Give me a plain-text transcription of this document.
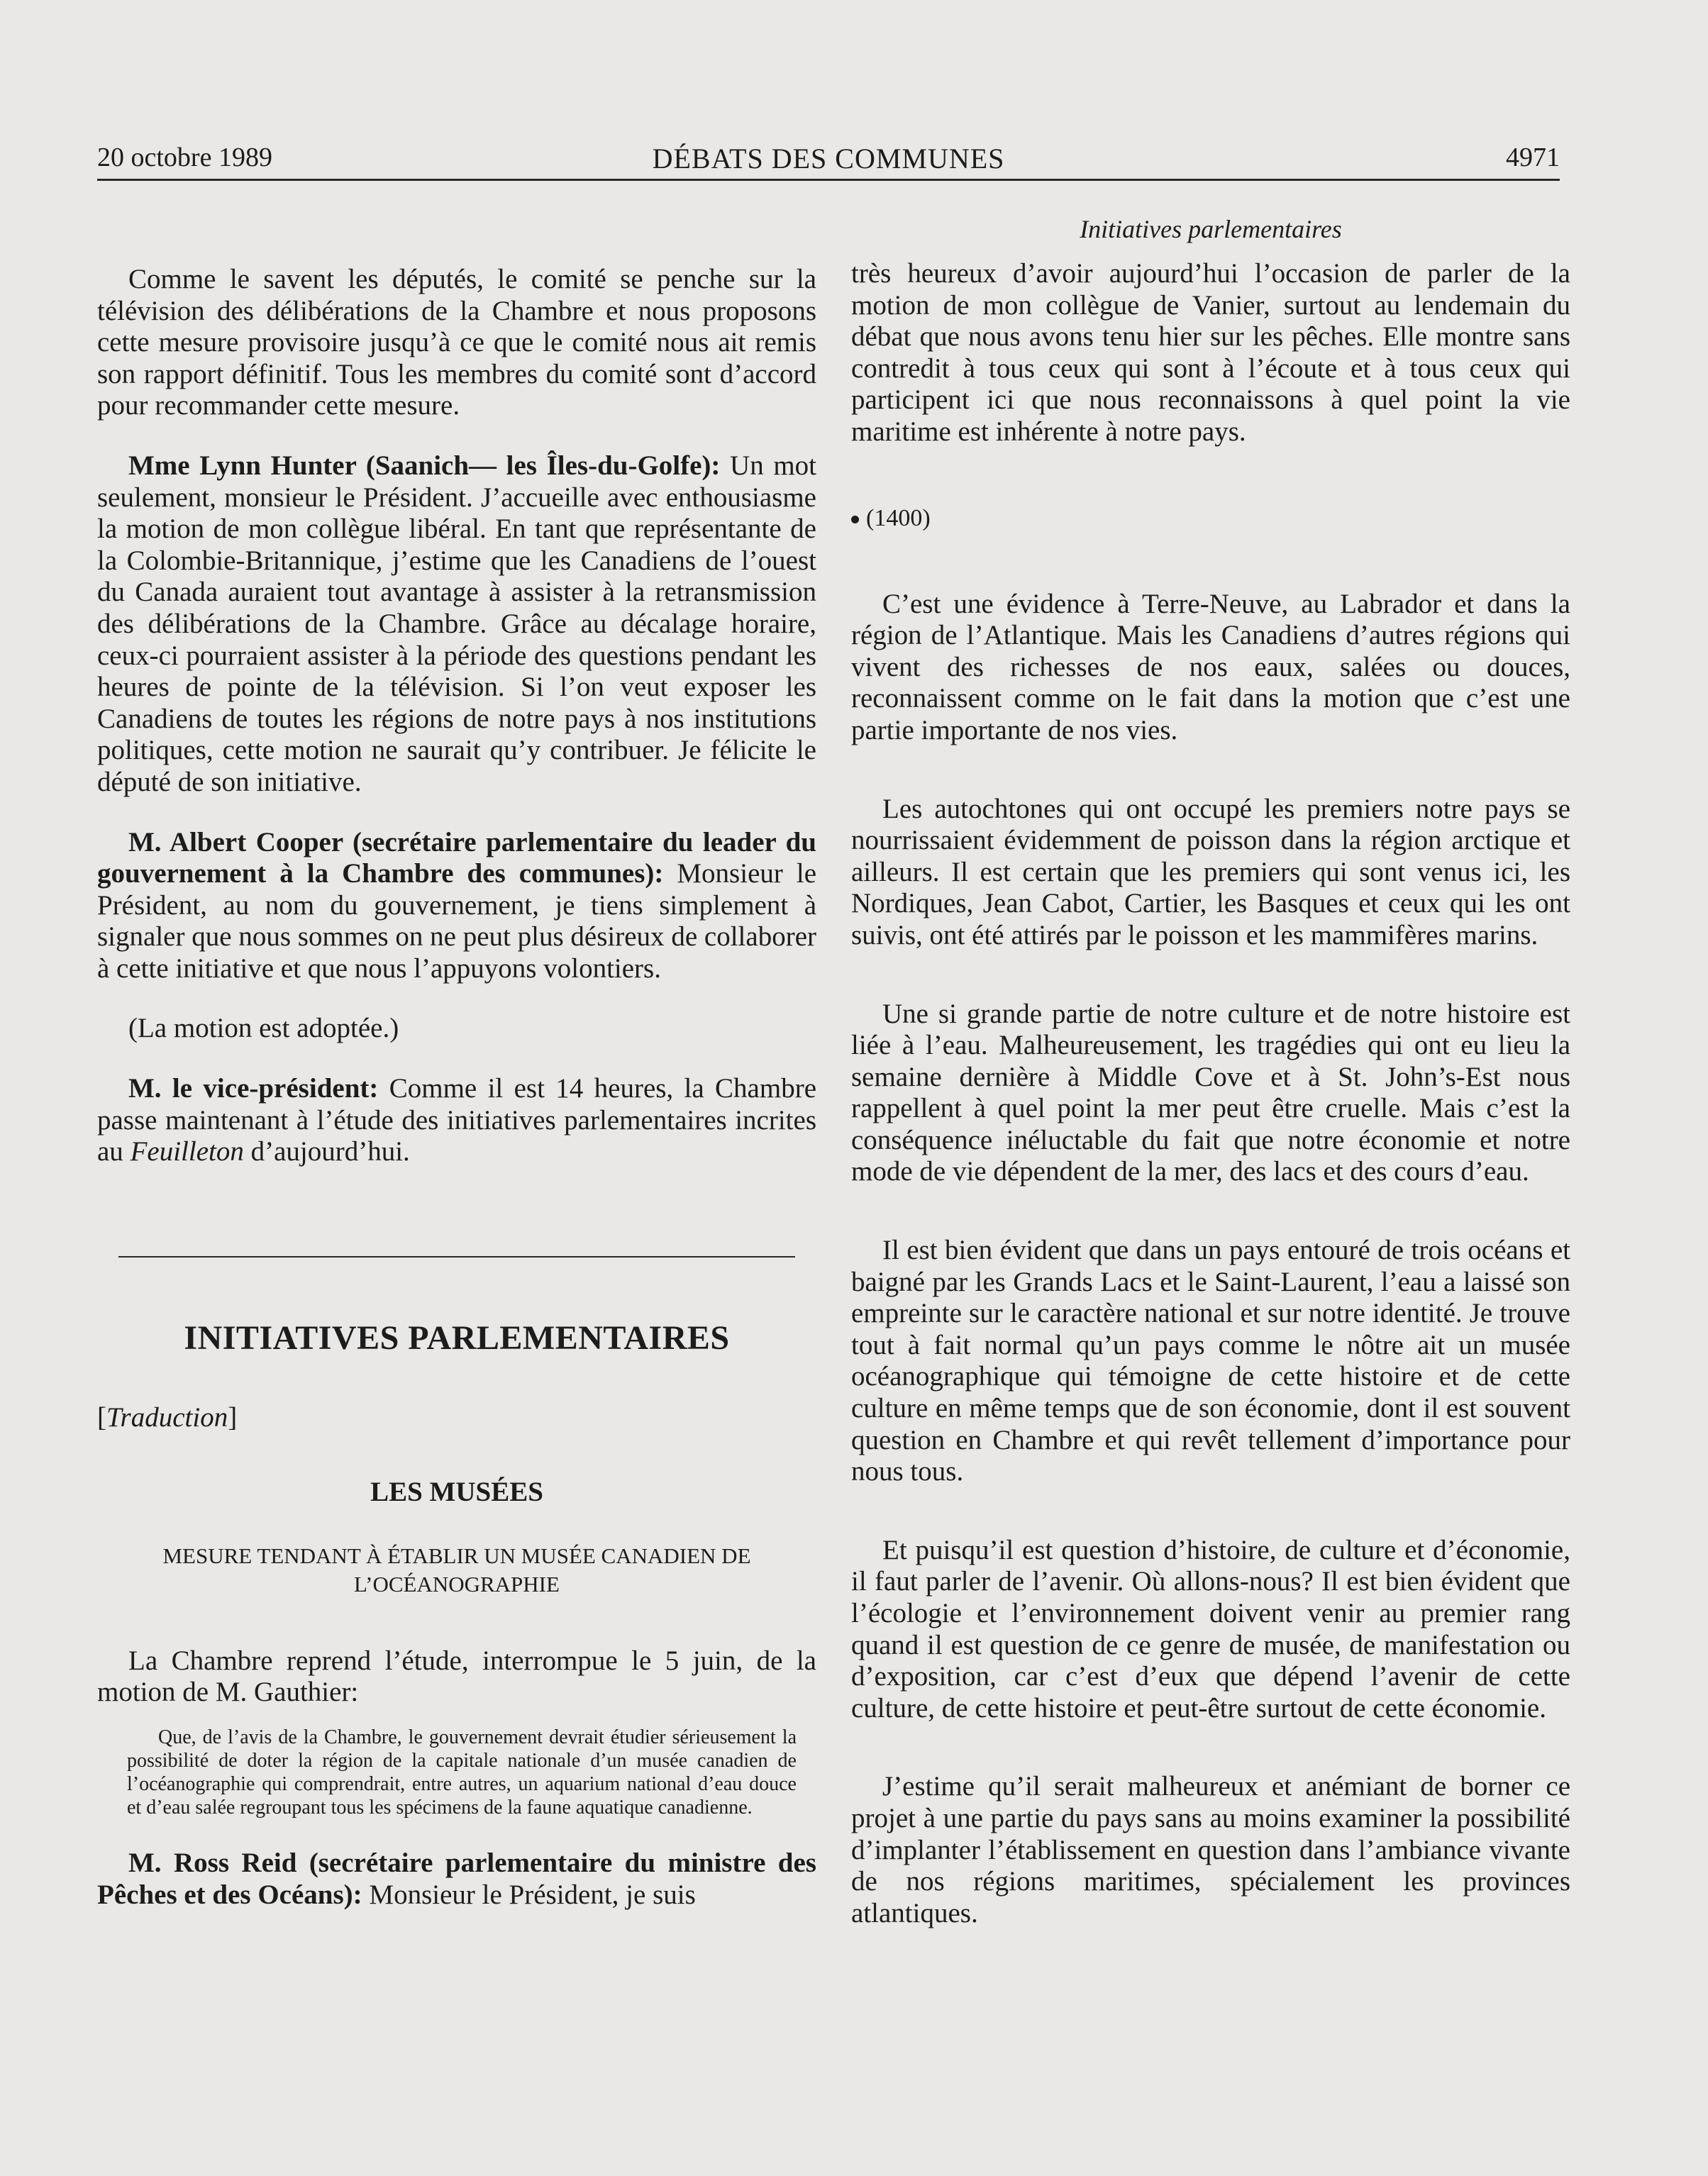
20 octobre 1989	DÉBATS DES COMMUNES	4971

Comme le savent les députés, le comité se penche sur la télévision des délibérations de la Chambre et nous proposons cette mesure provisoire jusqu’à ce que le comité nous ait remis son rapport définitif. Tous les membres du comité sont d’accord pour recommander cette mesure.

Mme Lynn Hunter (Saanich— les Îles-du-Golfe): Un mot seulement, monsieur le Président. J’accueille avec enthousiasme la motion de mon collègue libéral. En tant que représentante de la Colombie-Britannique, j’estime que les Canadiens de l’ouest du Canada auraient tout avantage à assister à la retransmission des délibérations de la Chambre. Grâce au décalage horaire, ceux-ci pourraient assister à la période des questions pendant les heures de pointe de la télévision. Si l’on veut exposer les Canadiens de toutes les régions de notre pays à nos institutions politiques, cette motion ne saurait qu’y contribuer. Je félicite le député de son initiative.

M. Albert Cooper (secrétaire parlementaire du leader du gouvernement à la Chambre des communes): Monsieur le Président, au nom du gouvernement, je tiens simplement à signaler que nous sommes on ne peut plus désireux de collaborer à cette initiative et que nous l’appuyons volontiers.

(La motion est adoptée.)

M. le vice-président: Comme il est 14 heures, la Chambre passe maintenant à l’étude des initiatives parlementaires incrites au Feuilleton d’aujourd’hui.

INITIATIVES PARLEMENTAIRES
[Traduction]
LES MUSÉES
MESURE TENDANT À ÉTABLIR UN MUSÉE CANADIEN DE
L’OCÉANOGRAPHIE

La Chambre reprend l’étude, interrompue le 5 juin, de la motion de M. Gauthier:

Que, de l’avis de la Chambre, le gouvernement devrait étudier sérieusement la possibilité de doter la région de la capitale nationale d’un musée canadien de l’océanographie qui comprendrait, entre autres, un aquarium national d’eau douce et d’eau salée regroupant tous les spécimens de la faune aquatique canadienne.

M. Ross Reid (secrétaire parlementaire du ministre des Pêches et des Océans): Monsieur le Président, je suis

Initiatives parlementaires

très heureux d’avoir aujourd’hui l’occasion de parler de la motion de mon collègue de Vanier, surtout au lendemain du débat que nous avons tenu hier sur les pêches. Elle montre sans contredit à tous ceux qui sont à l’écoute et à tous ceux qui participent ici que nous reconnaissons à quel point la vie maritime est inhérente à notre pays.

(1400)

C’est une évidence à Terre-Neuve, au Labrador et dans la région de l’Atlantique. Mais les Canadiens d’autres régions qui vivent des richesses de nos eaux, salées ou douces, reconnaissent comme on le fait dans la motion que c’est une partie importante de nos vies.

Les autochtones qui ont occupé les premiers notre pays se nourrissaient évidemment de poisson dans la région arctique et ailleurs. Il est certain que les premiers qui sont venus ici, les Nordiques, Jean Cabot, Cartier, les Basques et ceux qui les ont suivis, ont été attirés par le poisson et les mammifères marins.

Une si grande partie de notre culture et de notre histoire est liée à l’eau. Malheureusement, les tragédies qui ont eu lieu la semaine dernière à Middle Cove et à St. John’s-Est nous rappellent à quel point la mer peut être cruelle. Mais c’est la conséquence inéluctable du fait que notre économie et notre mode de vie dépendent de la mer, des lacs et des cours d’eau.

Il est bien évident que dans un pays entouré de trois océans et baigné par les Grands Lacs et le Saint-Laurent, l’eau a laissé son empreinte sur le caractère national et sur notre identité. Je trouve tout à fait normal qu’un pays comme le nôtre ait un musée océanographique qui témoigne de cette histoire et de cette culture en même temps que de son économie, dont il est souvent question en Chambre et qui revêt tellement d’importance pour nous tous.

Et puisqu’il est question d’histoire, de culture et d’économie, il faut parler de l’avenir. Où allons-nous? Il est bien évident que l’écologie et l’environnement doivent venir au premier rang quand il est question de ce genre de musée, de manifestation ou d’exposition, car c’est d’eux que dépend l’avenir de cette culture, de cette histoire et peut-être surtout de cette économie.

J’estime qu’il serait malheureux et anémiant de borner ce projet à une partie du pays sans au moins examiner la possibilité d’implanter l’établissement en question dans l’ambiance vivante de nos régions maritimes, spécialement les provinces atlantiques.
